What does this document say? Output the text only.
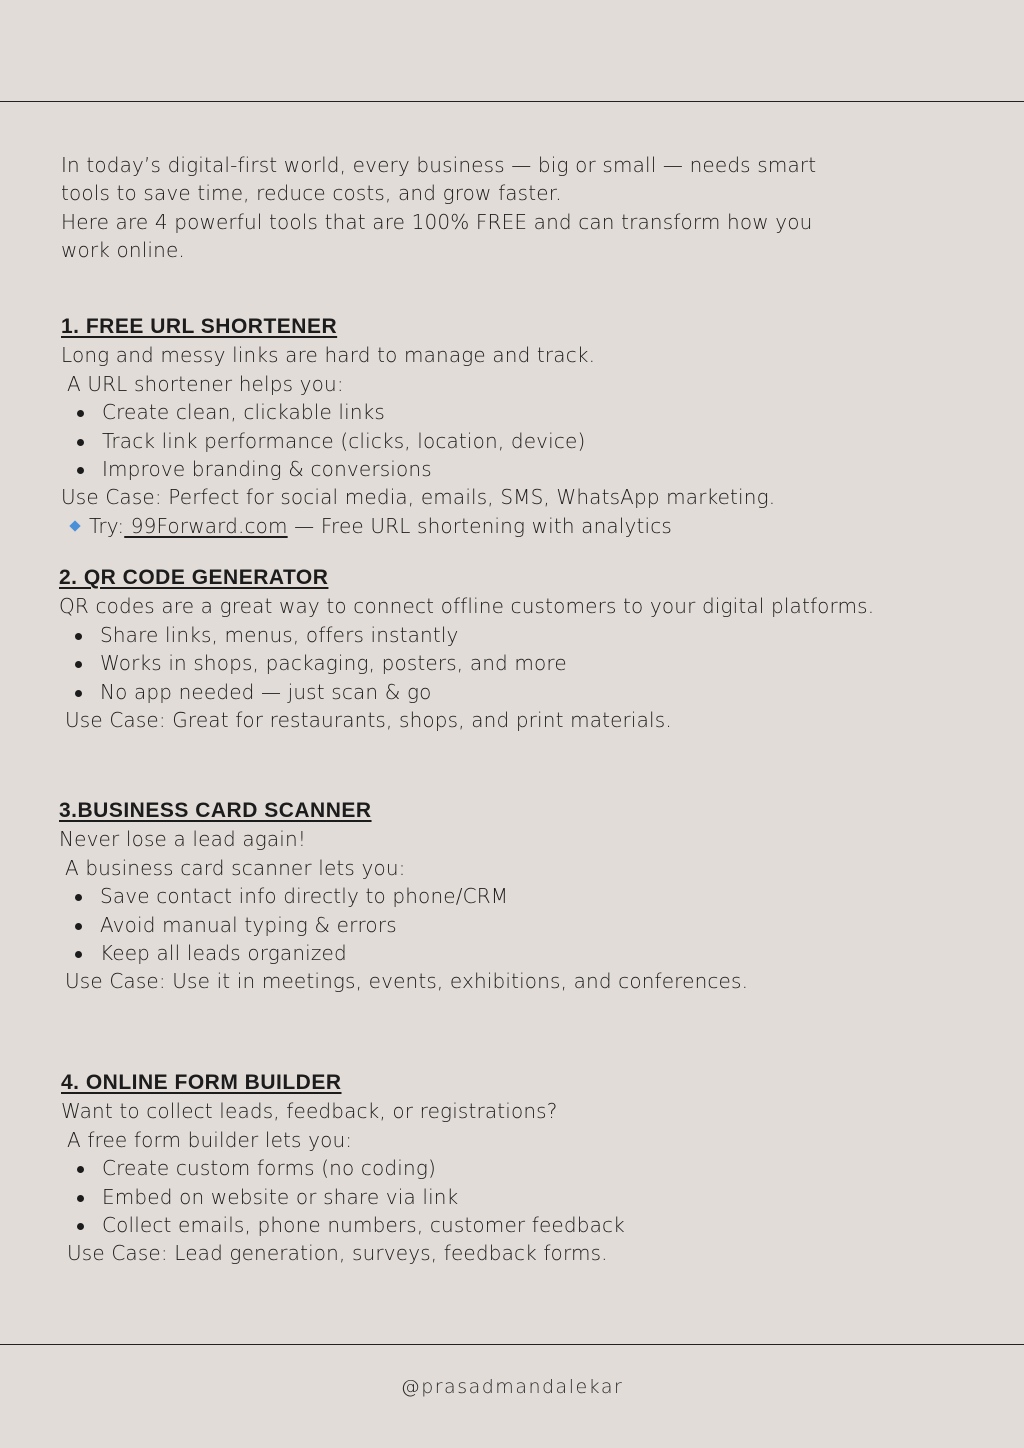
In today’s digital-first world, every business — big or small — needs smart
tools to save time, reduce costs, and grow faster.
Here are 4 powerful tools that are 100% FREE and can transform how you
work online.
1. FREE URL SHORTENER
Long and messy links are hard to manage and track.
A URL shortener helps you:
Create clean, clickable links
Track link performance (clicks, location, device)
Improve branding & conversions
Use Case: Perfect for social media, emails, SMS, WhatsApp marketing.
Try: 99Forward.com — Free URL shortening with analytics
2. QR CODE GENERATOR
QR codes are a great way to connect offline customers to your digital platforms.
Share links, menus, offers instantly
Works in shops, packaging, posters, and more
No app needed — just scan & go
Use Case: Great for restaurants, shops, and print materials.
3.BUSINESS CARD SCANNER
Never lose a lead again!
A business card scanner lets you:
Save contact info directly to phone/CRM
Avoid manual typing & errors
Keep all leads organized
Use Case: Use it in meetings, events, exhibitions, and conferences.
4. ONLINE FORM BUILDER
Want to collect leads, feedback, or registrations?
A free form builder lets you:
Create custom forms (no coding)
Embed on website or share via link
Collect emails, phone numbers, customer feedback
Use Case: Lead generation, surveys, feedback forms.
@prasadmandalekar
